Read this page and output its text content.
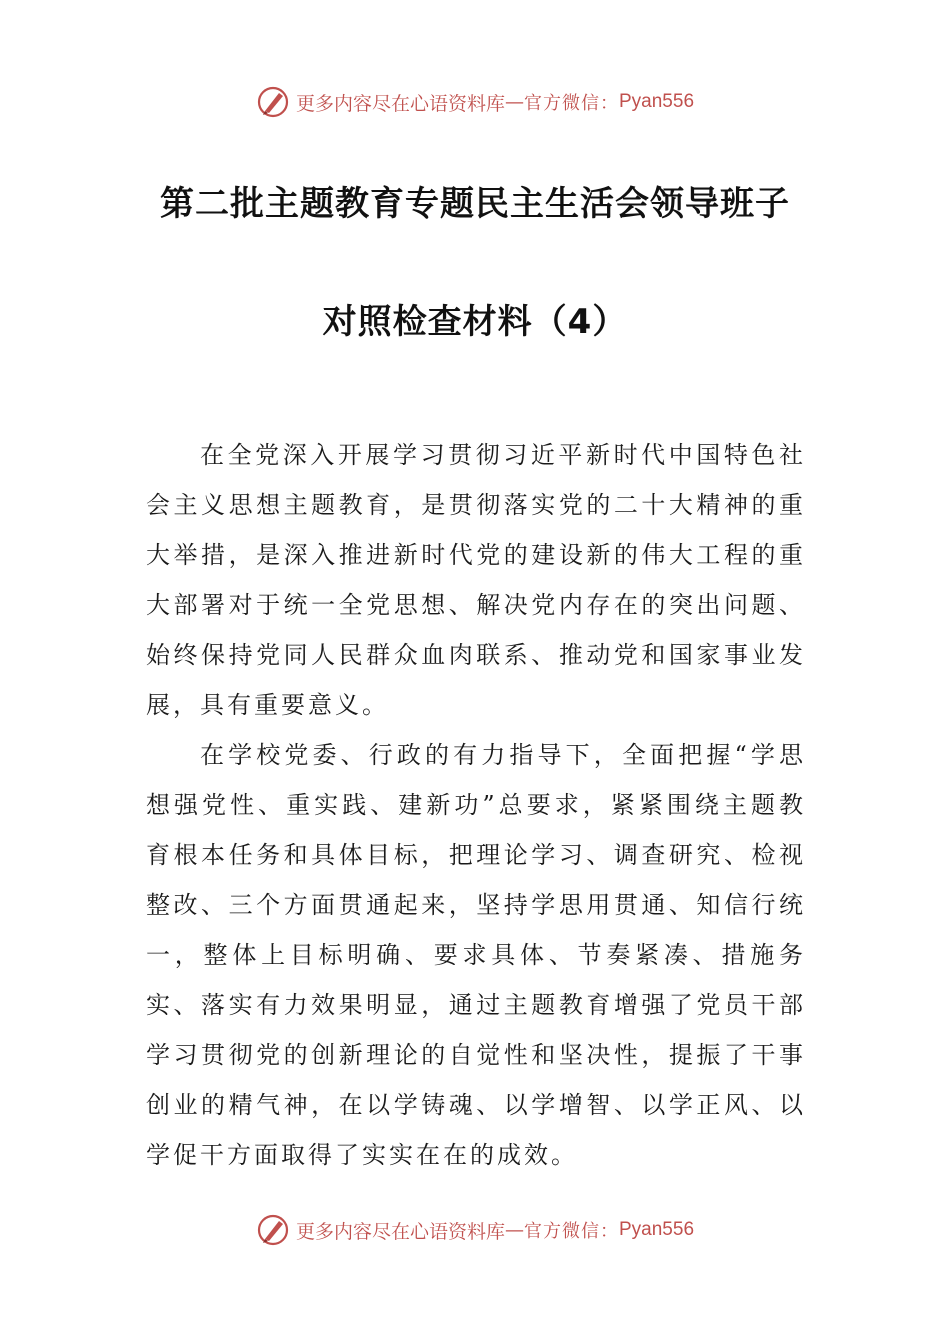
更多内容尽在心语资料库 — 官方微信： Pyan556
第二批主题教育专题民主生活会领导班子
对照检查材料（4）

在全党深入开展学习贯彻习近平新时代中国特色社会主义思想主题教育，是贯彻落实党的二十大精神的重大举措，是深入推进新时代党的建设新的伟大工程的重大部署对于统一全党思想、解决党内存在的突出问题、始终保持党同人民群众血肉联系、推动党和国家事业发展，具有重要意义。

在学校党委、行政的有力指导下，全面把握“学思想强党性、重实践、建新功”总要求，紧紧围绕主题教育根本任务和具体目标，把理论学习、调查研究、检视整改、三个方面贯通起来，坚持学思用贯通、知信行统一，整体上目标明确、要求具体、节奏紧凑、措施务实、落实有力效果明显，通过主题教育增强了党员干部学习贯彻党的创新理论的自觉性和坚决性，提振了干事创业的精气神，在以学铸魂、以学增智、以学正风、以学促干方面取得了实实在在的成效。

更多内容尽在心语资料库 — 官方微信： Pyan556
